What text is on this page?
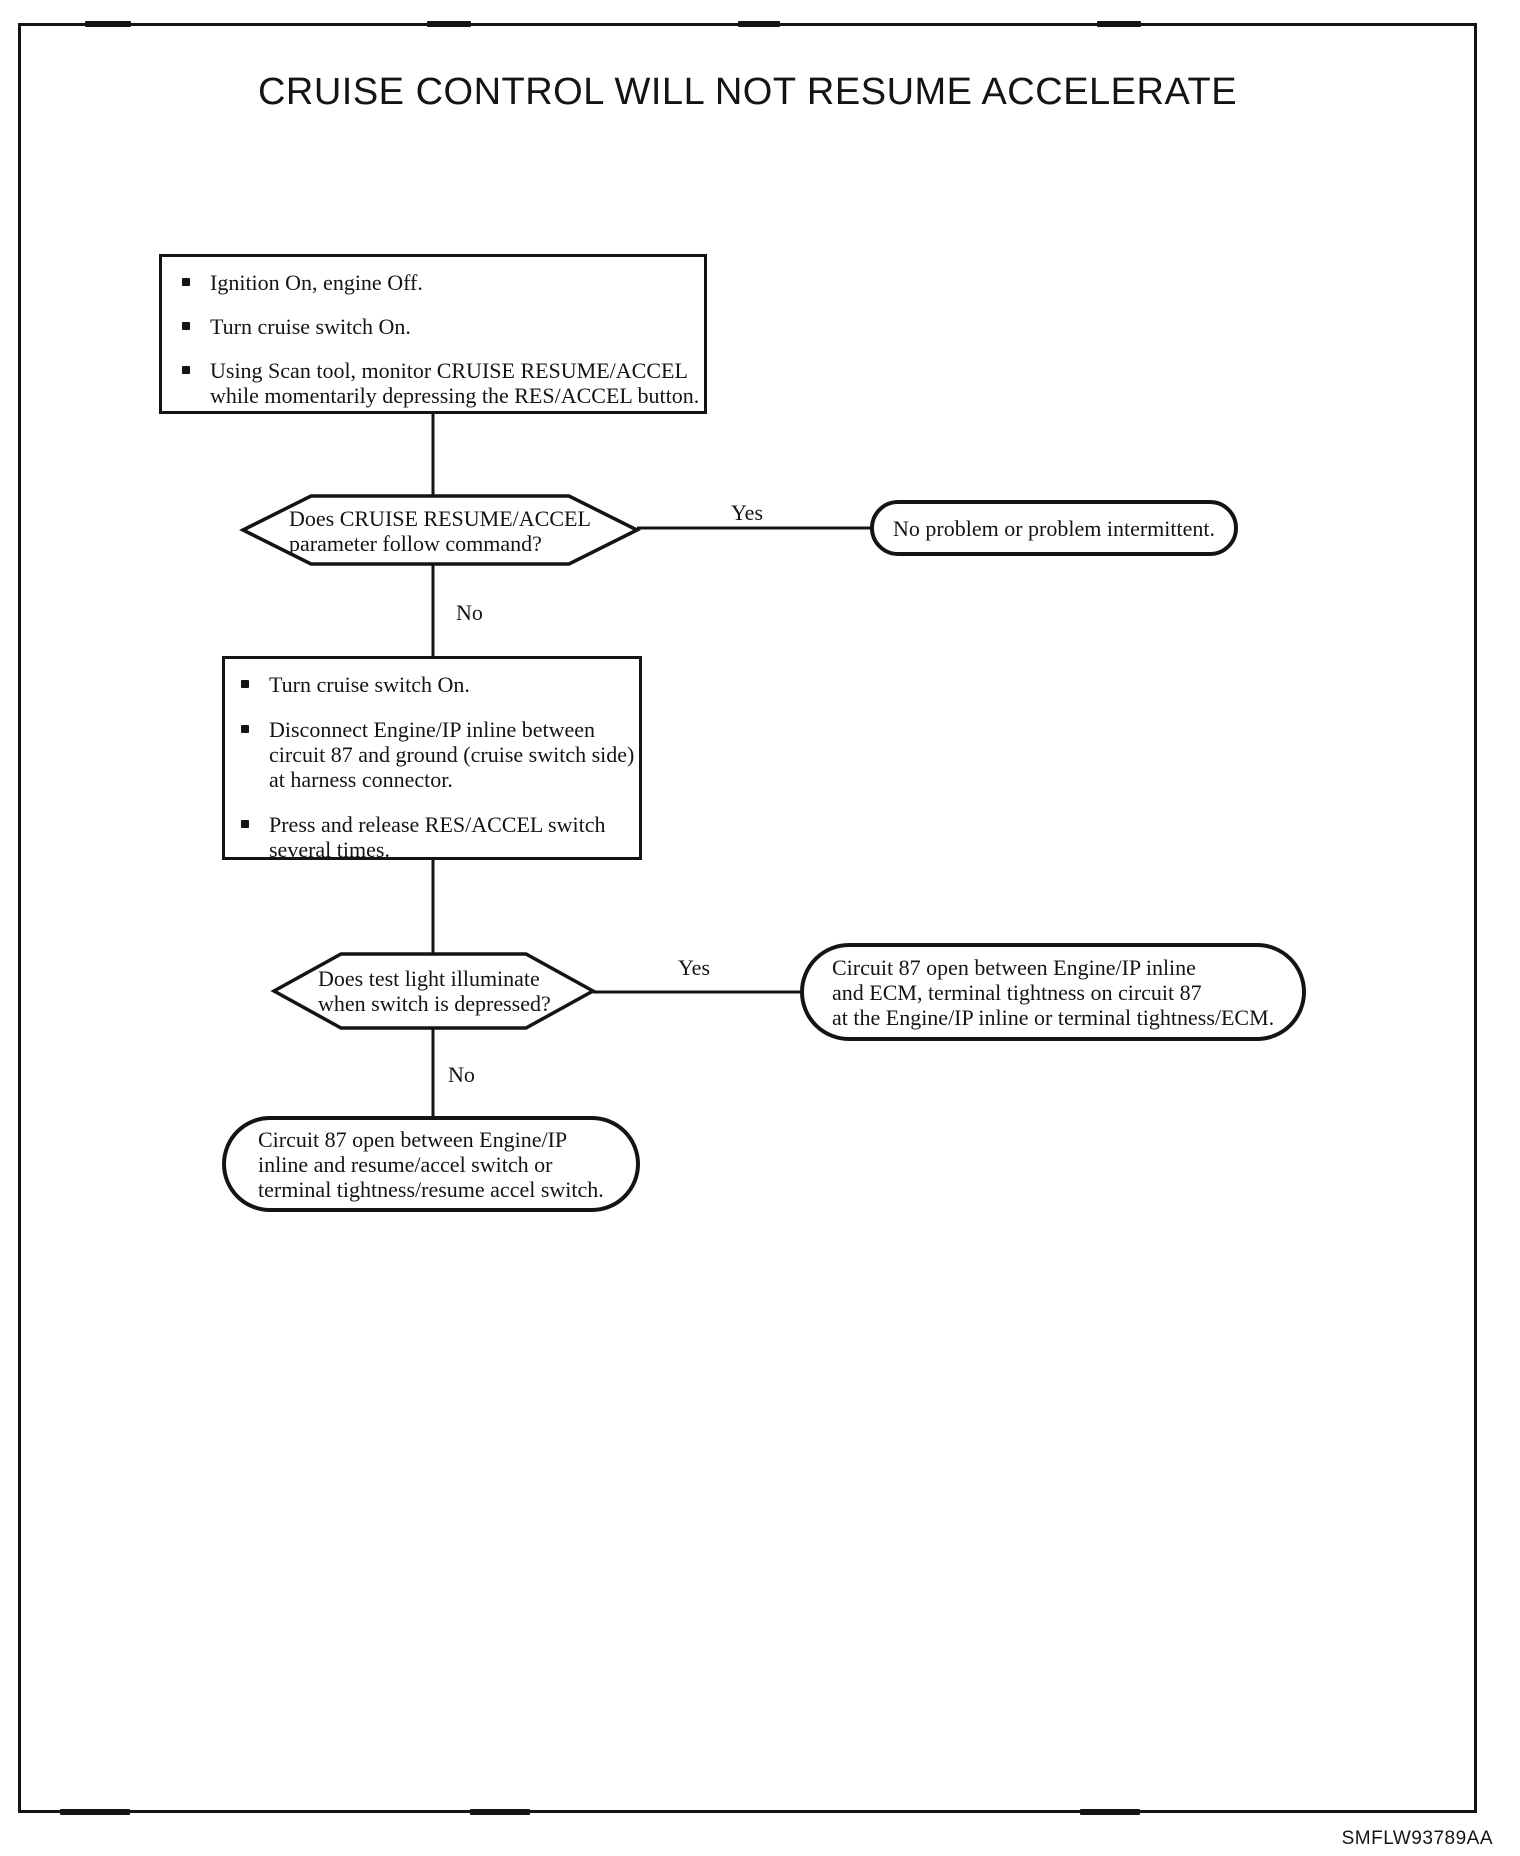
CRUISE CONTROL WILL NOT RESUME ACCELERATE
Ignition On, engine Off.
Turn cruise switch On.
Using Scan tool, monitor CRUISE RESUME/ACCEL
while momentarily depressing the RES/ACCEL button.
Does CRUISE RESUME/ACCEL
parameter follow command?
Yes
No
No problem or problem intermittent.
Turn cruise switch On.
Disconnect Engine/IP inline between
circuit 87 and ground (cruise switch side)
at harness connector.
Press and release RES/ACCEL switch
several times.
Does test light illuminate
when switch is depressed?
Yes
No
Circuit 87 open between Engine/IP inline
and ECM, terminal tightness on circuit 87
at the Engine/IP inline or terminal tightness/ECM.
Circuit 87 open between Engine/IP
inline and resume/accel switch or
terminal tightness/resume accel switch.
SMFLW93789AA
